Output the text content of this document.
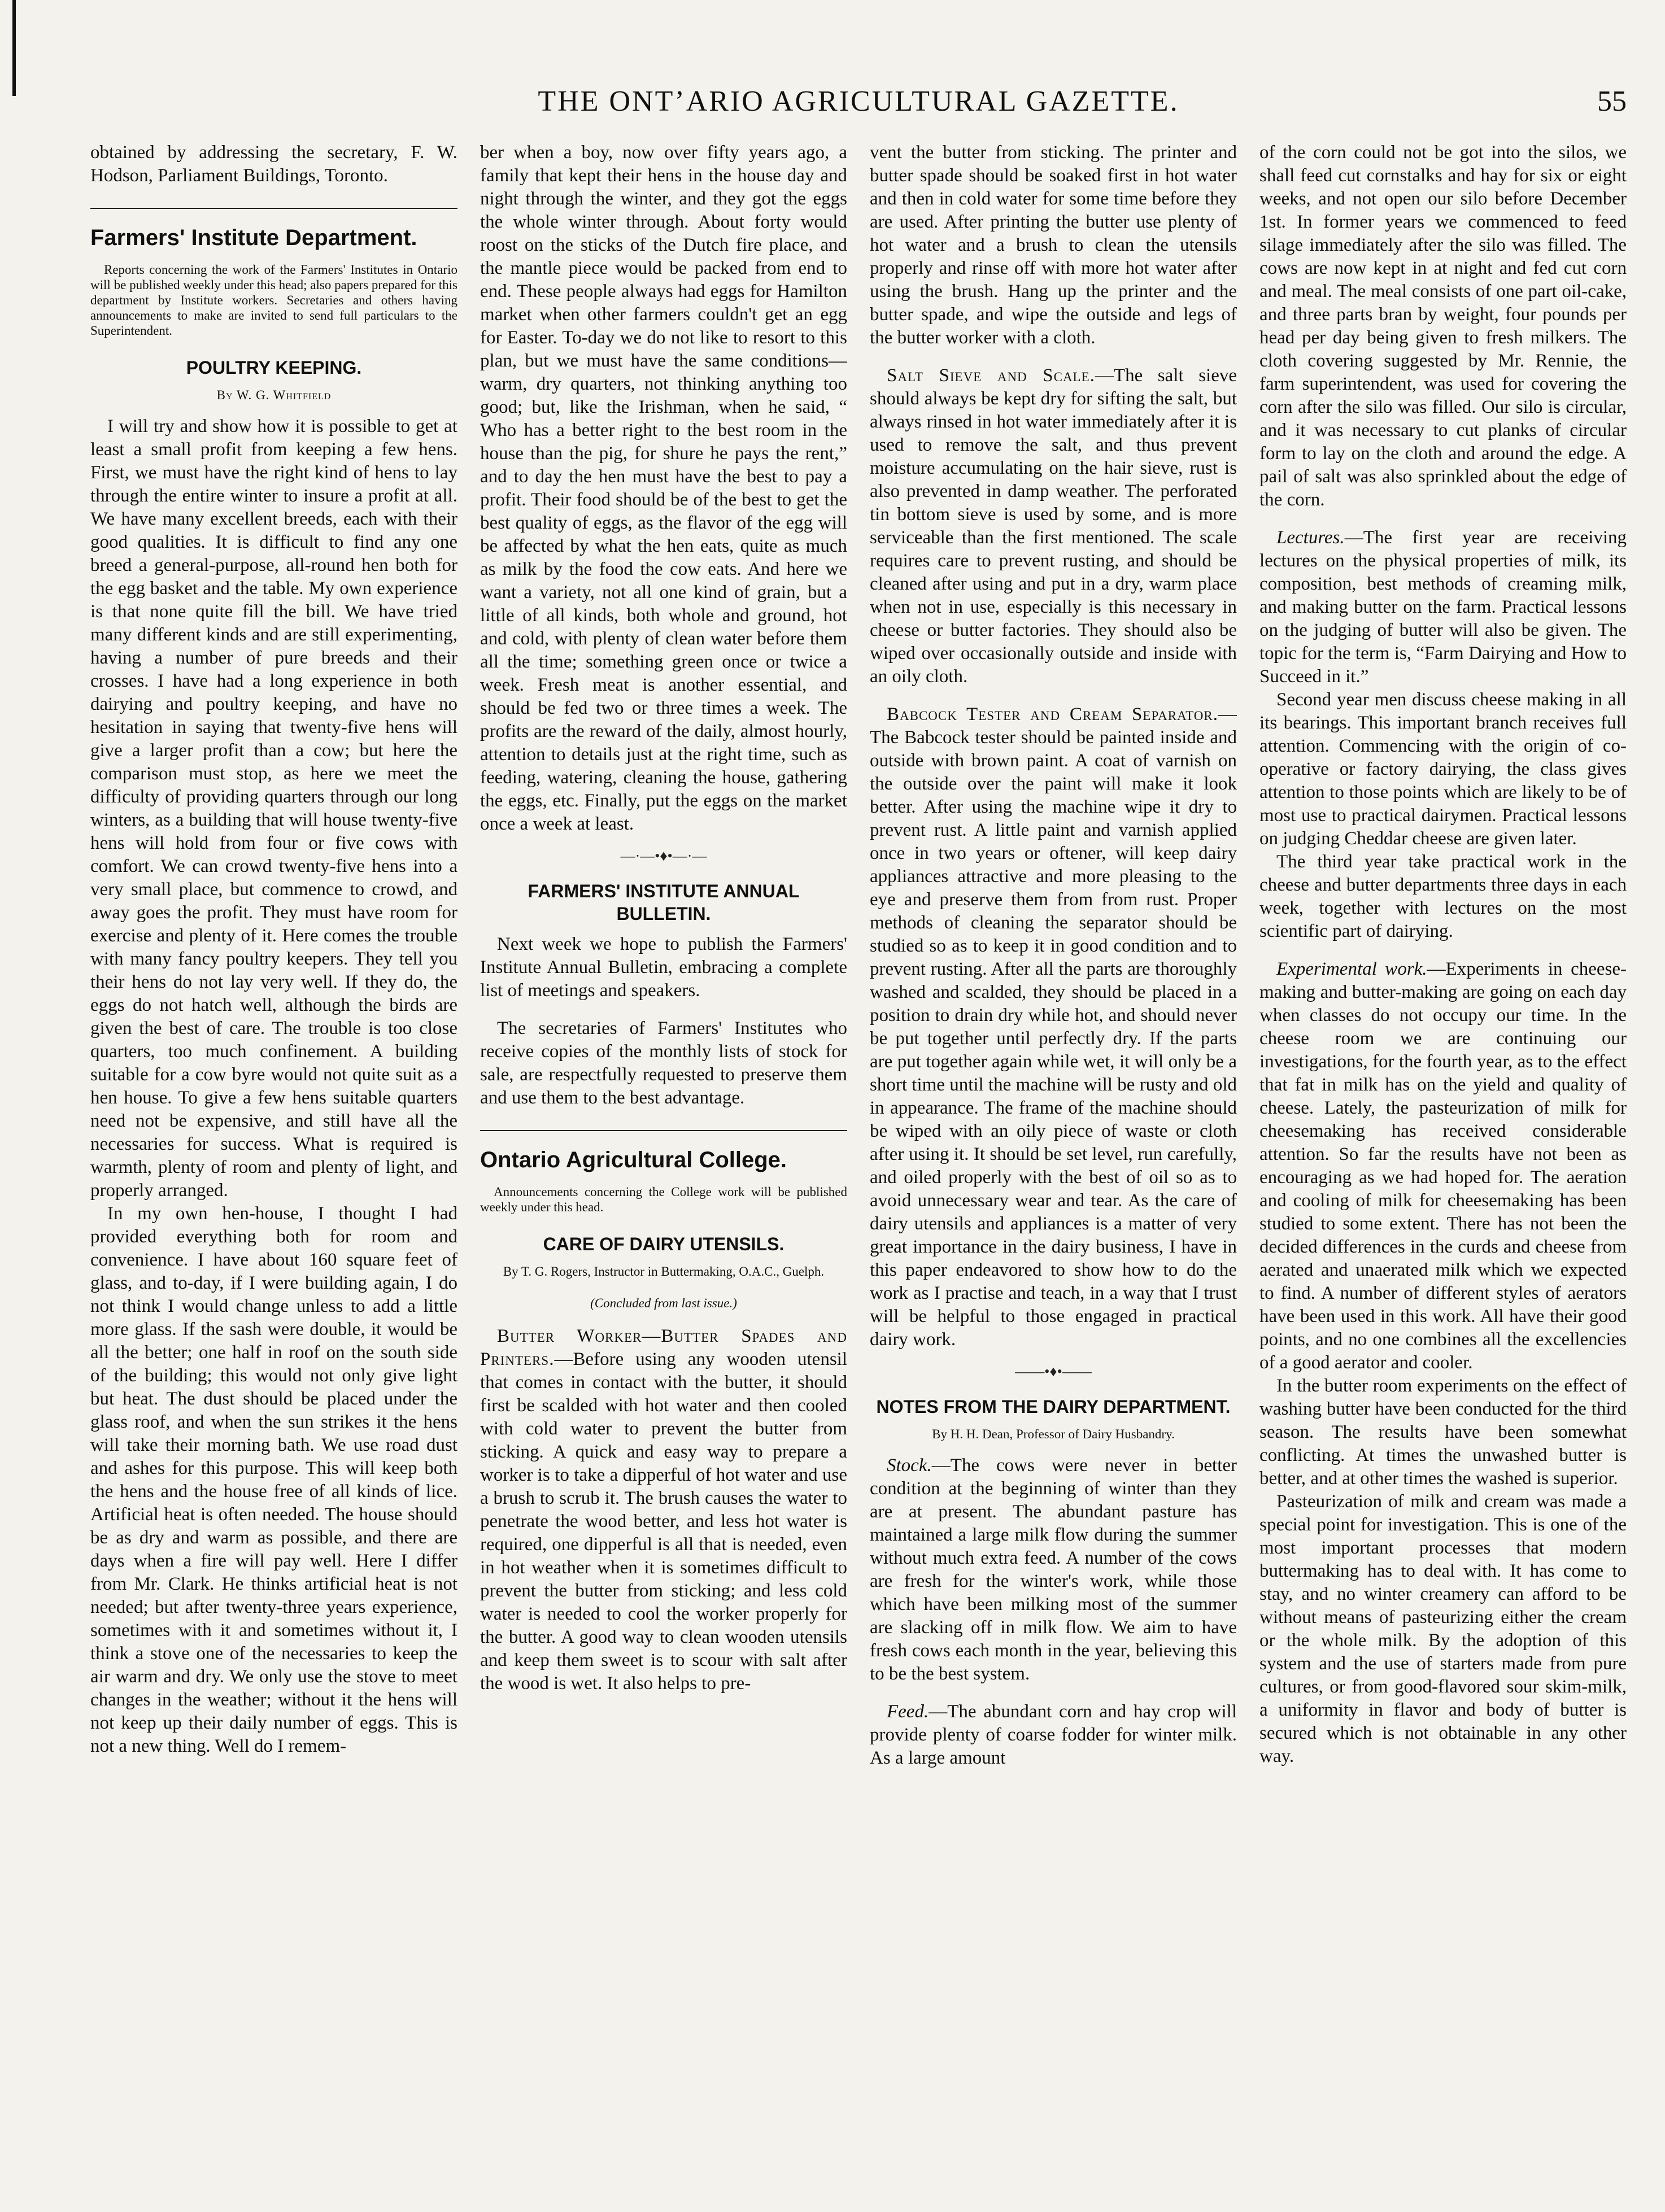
THE ONTʼARIO AGRICULTURAL GAZETTE.	55

obtained by addressing the secretary, F. W. Hodson, Parliament Buildings, Toronto.

Farmers' Institute Department.
Reports concerning the work of the Farmers' Institutes in Ontario will be published weekly under this head; also papers prepared for this department by Institute workers. Secretaries and others having announcements to make are invited to send full particulars to the Superintendent.
POULTRY KEEPING.
By W. G. Whitfield

I will try and show how it is possible to get at least a small profit from keeping a few hens. First, we must have the right kind of hens to lay through the entire winter to insure a profit at all. We have many excellent breeds, each with their good qualities. It is difficult to find any one breed a general-purpose, all-round hen both for the egg basket and the table. My own experience is that none quite fill the bill. We have tried many different kinds and are still experimenting, having a number of pure breeds and their crosses. I have had a long experience in both dairying and poultry keeping, and have no hesitation in saying that twenty-five hens will give a larger profit than a cow; but here the comparison must stop, as here we meet the difficulty of providing quarters through our long winters, as a building that will house twenty-five hens will hold from four or five cows with comfort. We can crowd twenty-five hens into a very small place, but commence to crowd, and away goes the profit. They must have room for exercise and plenty of it. Here comes the trouble with many fancy poultry keepers. They tell you their hens do not lay very well. If they do, the eggs do not hatch well, although the birds are given the best of care. The trouble is too close quarters, too much confinement. A building suitable for a cow byre would not quite suit as a hen house. To give a few hens suitable quarters need not be expensive, and still have all the necessaries for success. What is required is warmth, plenty of room and plenty of light, and properly arranged.

In my own hen-house, I thought I had provided everything both for room and convenience. I have about 160 square feet of glass, and to-day, if I were building again, I do not think I would change unless to add a little more glass. If the sash were double, it would be all the better; one half in roof on the south side of the building; this would not only give light but heat. The dust should be placed under the glass roof, and when the sun strikes it the hens will take their morning bath. We use road dust and ashes for this purpose. This will keep both the hens and the house free of all kinds of lice. Artificial heat is often needed. The house should be as dry and warm as possible, and there are days when a fire will pay well. Here I differ from Mr. Clark. He thinks artificial heat is not needed; but after twenty-three years experience, sometimes with it and sometimes without it, I think a stove one of the necessaries to keep the air warm and dry. We only use the stove to meet changes in the weather; without it the hens will not keep up their daily number of eggs. This is not a new thing. Well do I remem-

ber when a boy, now over fifty years ago, a family that kept their hens in the house day and night through the winter, and they got the eggs the whole winter through. About forty would roost on the sticks of the Dutch fire place, and the mantle piece would be packed from end to end. These people always had eggs for Hamilton market when other farmers couldn't get an egg for Easter. To-day we do not like to resort to this plan, but we must have the same conditions—warm, dry quarters, not thinking anything too good; but, like the Irishman, when he said, “ Who has a better right to the best room in the house than the pig, for shure he pays the rent,” and to day the hen must have the best to pay a profit. Their food should be of the best to get the best quality of eggs, as the flavor of the egg will be affected by what the hen eats, quite as much as milk by the food the cow eats. And here we want a variety, not all one kind of grain, but a little of all kinds, both whole and ground, hot and cold, with plenty of clean water before them all the time; something green once or twice a week. Fresh meat is another essential, and should be fed two or three times a week. The profits are the reward of the daily, almost hourly, attention to details just at the right time, such as feeding, watering, cleaning the house, gathering the eggs, etc. Finally, put the eggs on the market once a week at least.

—·—•♦•—·—
FARMERS' INSTITUTE ANNUAL BULLETIN.

Next week we hope to publish the Farmers' Institute Annual Bulletin, embracing a complete list of meetings and speakers.

The secretaries of Farmers' Institutes who receive copies of the monthly lists of stock for sale, are respectfully requested to preserve them and use them to the best advantage.

Ontario Agricultural College.
Announcements concerning the College work will be published weekly under this head.
CARE OF DAIRY UTENSILS.
By T. G. Rogers, Instructor in Buttermaking, O.A.C., Guelph.
(Concluded from last issue.)

Butter Worker—Butter Spades and Printers.—Before using any wooden utensil that comes in contact with the butter, it should first be scalded with hot water and then cooled with cold water to prevent the butter from sticking. A quick and easy way to prepare a worker is to take a dipperful of hot water and use a brush to scrub it. The brush causes the water to penetrate the wood better, and less hot water is required, one dipperful is all that is needed, even in hot weather when it is sometimes difficult to prevent the butter from sticking; and less cold water is needed to cool the worker properly for the butter. A good way to clean wooden utensils and keep them sweet is to scour with salt after the wood is wet. It also helps to pre-

vent the butter from sticking. The printer and butter spade should be soaked first in hot water and then in cold water for some time before they are used. After printing the butter use plenty of hot water and a brush to clean the utensils properly and rinse off with more hot water after using the brush. Hang up the printer and the butter spade, and wipe the outside and legs of the butter worker with a cloth.

Salt Sieve and Scale.—The salt sieve should always be kept dry for sifting the salt, but always rinsed in hot water immediately after it is used to remove the salt, and thus prevent moisture accumulating on the hair sieve, rust is also prevented in damp weather. The perforated tin bottom sieve is used by some, and is more serviceable than the first mentioned. The scale requires care to prevent rusting, and should be cleaned after using and put in a dry, warm place when not in use, especially is this necessary in cheese or butter factories. They should also be wiped over occasionally outside and inside with an oily cloth.

Babcock Tester and Cream Separator.—The Babcock tester should be painted inside and outside with brown paint. A coat of varnish on the outside over the paint will make it look better. After using the machine wipe it dry to prevent rust. A little paint and varnish applied once in two years or oftener, will keep dairy appliances attractive and more pleasing to the eye and preserve them from from rust. Proper methods of cleaning the separator should be studied so as to keep it in good condition and to prevent rusting. After all the parts are thoroughly washed and scalded, they should be placed in a position to drain dry while hot, and should never be put together until perfectly dry. If the parts are put together again while wet, it will only be a short time until the machine will be rusty and old in appearance. The frame of the machine should be wiped with an oily piece of waste or cloth after using it. It should be set level, run carefully, and oiled properly with the best of oil so as to avoid unnecessary wear and tear. As the care of dairy utensils and appliances is a matter of very great importance in the dairy business, I have in this paper endeavored to show how to do the work as I practise and teach, in a way that I trust will be helpful to those engaged in practical dairy work.

——•♦•——
NOTES FROM THE DAIRY DEPARTMENT.
By H. H. Dean, Professor of Dairy Husbandry.

Stock.—The cows were never in better condition at the beginning of winter than they are at present. The abundant pasture has maintained a large milk flow during the summer without much extra feed. A number of the cows are fresh for the winter's work, while those which have been milking most of the summer are slacking off in milk flow. We aim to have fresh cows each month in the year, believing this to be the best system.

Feed.—The abundant corn and hay crop will provide plenty of coarse fodder for winter milk. As a large amount

of the corn could not be got into the silos, we shall feed cut cornstalks and hay for six or eight weeks, and not open our silo before December 1st. In former years we commenced to feed silage immediately after the silo was filled. The cows are now kept in at night and fed cut corn and meal. The meal consists of one part oil-cake, and three parts bran by weight, four pounds per head per day being given to fresh milkers. The cloth covering suggested by Mr. Rennie, the farm superintendent, was used for covering the corn after the silo was filled. Our silo is circular, and it was necessary to cut planks of circular form to lay on the cloth and around the edge. A pail of salt was also sprinkled about the edge of the corn.

Lectures.—The first year are receiving lectures on the physical properties of milk, its composition, best methods of creaming milk, and making butter on the farm. Practical lessons on the judging of butter will also be given. The topic for the term is, “Farm Dairying and How to Succeed in it.”

Second year men discuss cheese making in all its bearings. This important branch receives full attention. Commencing with the origin of co-operative or factory dairying, the class gives attention to those points which are likely to be of most use to practical dairymen. Practical lessons on judging Cheddar cheese are given later.

The third year take practical work in the cheese and butter departments three days in each week, together with lectures on the most scientific part of dairying.

Experimental work.—Experiments in cheese-making and butter-making are going on each day when classes do not occupy our time. In the cheese room we are continuing our investigations, for the fourth year, as to the effect that fat in milk has on the yield and quality of cheese. Lately, the pasteurization of milk for cheesemaking has received considerable attention. So far the results have not been as encouraging as we had hoped for. The aeration and cooling of milk for cheesemaking has been studied to some extent. There has not been the decided differences in the curds and cheese from aerated and unaerated milk which we expected to find. A number of different styles of aerators have been used in this work. All have their good points, and no one combines all the excellencies of a good aerator and cooler.

In the butter room experiments on the effect of washing butter have been conducted for the third season. The results have been somewhat conflicting. At times the unwashed butter is better, and at other times the washed is superior.

Pasteurization of milk and cream was made a special point for investigation. This is one of the most important processes that modern buttermaking has to deal with. It has come to stay, and no winter creamery can afford to be without means of pasteurizing either the cream or the whole milk. By the adoption of this system and the use of starters made from pure cultures, or from good-flavored sour skim-milk, a uniformity in flavor and body of butter is secured which is not obtainable in any other way.
